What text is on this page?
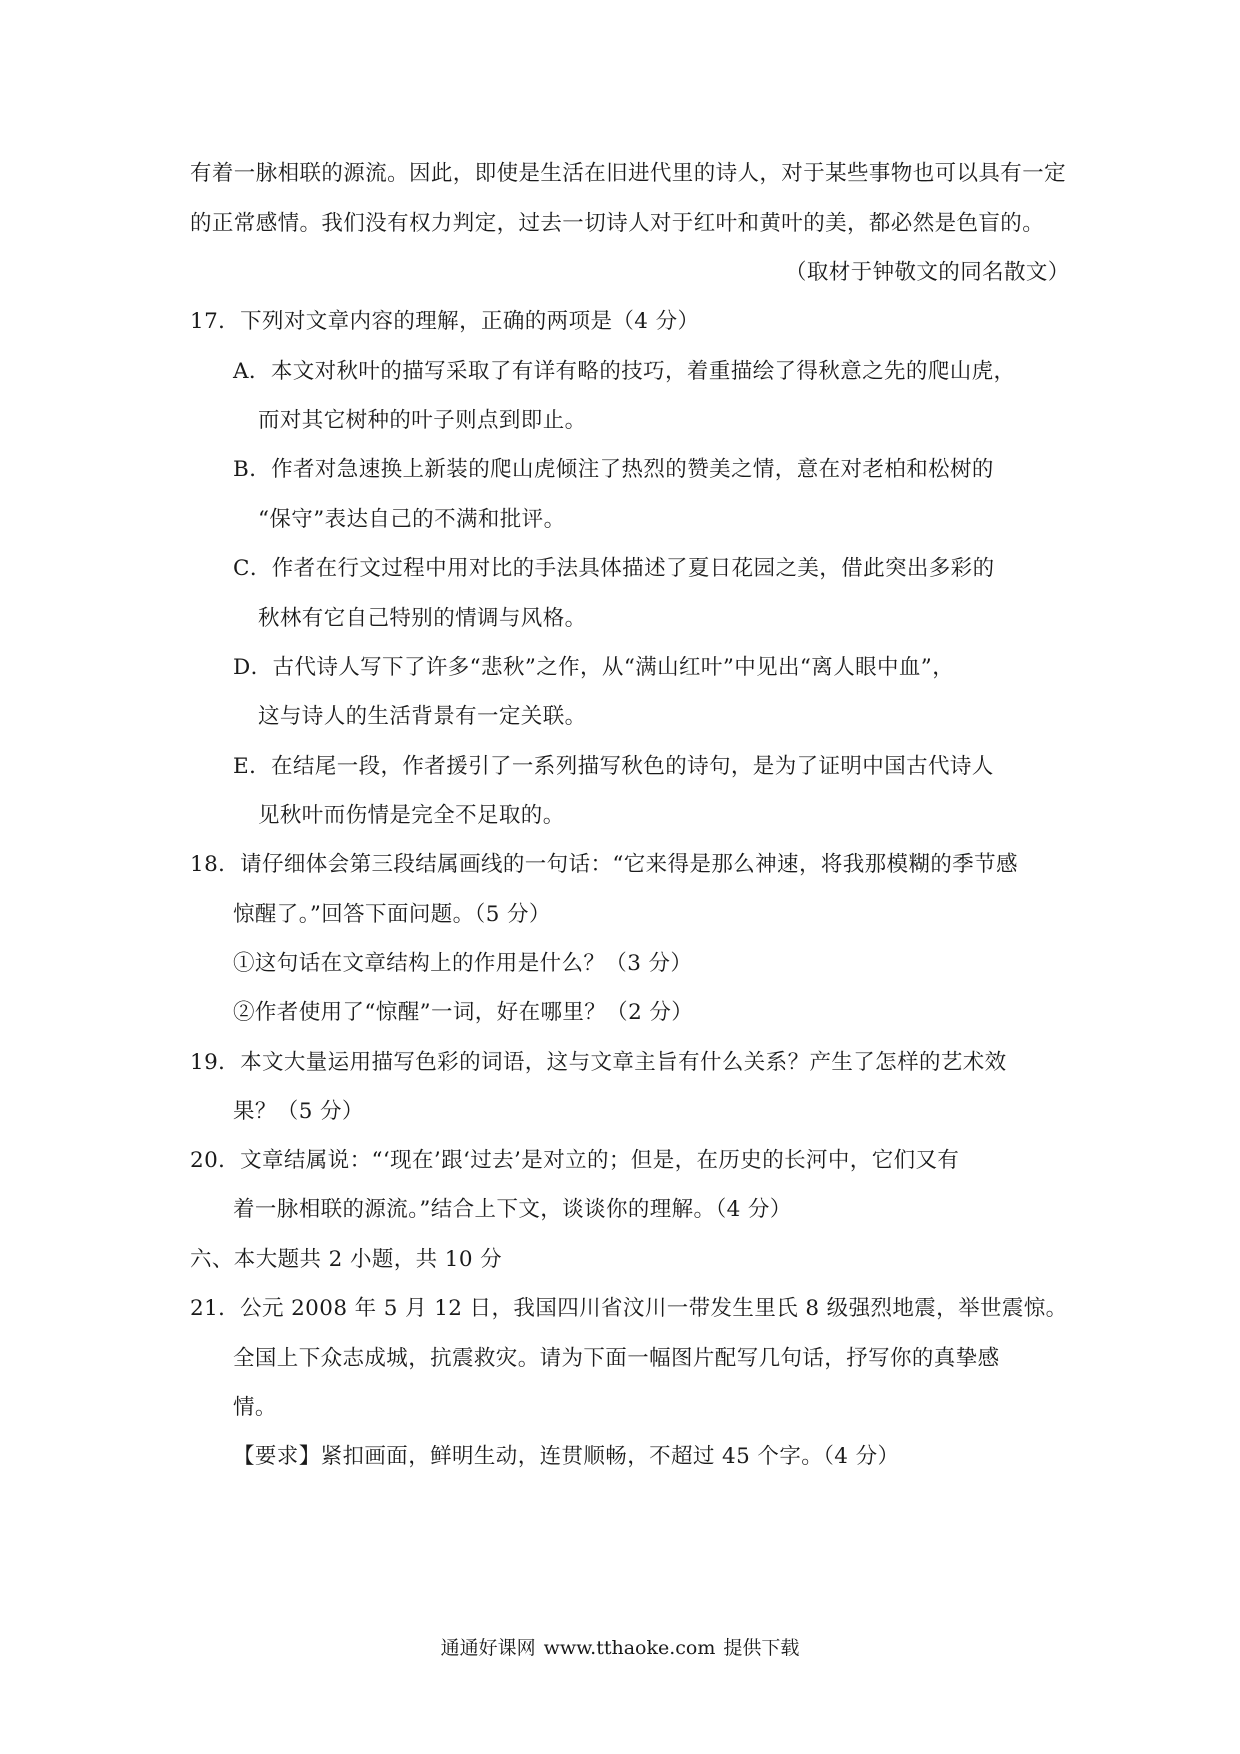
有着一脉相联的源流。因此，即使是生活在旧进代里的诗人，对于某些事物也可以具有一定
的正常感情。我们没有权力判定，过去一切诗人对于红叶和黄叶的美，都必然是色盲的。
（取材于钟敬文的同名散文）
17．下列对文章内容的理解，正确的两项是（4 分）
A．本文对秋叶的描写采取了有详有略的技巧，着重描绘了得秋意之先的爬山虎，
而对其它树种的叶子则点到即止。
B．作者对急速换上新装的爬山虎倾注了热烈的赞美之情，意在对老柏和松树的
“保守”表达自己的不满和批评。
C．作者在行文过程中用对比的手法具体描述了夏日花园之美，借此突出多彩的
秋林有它自己特别的情调与风格。
D．古代诗人写下了许多“悲秋”之作，从“满山红叶”中见出“离人眼中血”，
这与诗人的生活背景有一定关联。
E．在结尾一段，作者援引了一系列描写秋色的诗句，是为了证明中国古代诗人
见秋叶而伤情是完全不足取的。
18．请仔细体会第三段结属画线的一句话：“它来得是那么神速，将我那模糊的季节感
惊醒了。”回答下面问题。（5 分）
①这句话在文章结构上的作用是什么？（3 分）
②作者使用了“惊醒”一词，好在哪里？（2 分）
19．本文大量运用描写色彩的词语，这与文章主旨有什么关系？产生了怎样的艺术效
果？（5 分）
20．文章结属说：“‘现在’跟‘过去’是对立的；但是，在历史的长河中，它们又有
着一脉相联的源流。”结合上下文，谈谈你的理解。（4 分）
六、本大题共 2 小题，共 10 分
21．公元 2008 年 5 月 12 日，我国四川省汶川一带发生里氏 8 级强烈地震，举世震惊。
全国上下众志成城，抗震救灾。请为下面一幅图片配写几句话，抒写你的真挚感
情。
【要求】紧扣画面，鲜明生动，连贯顺畅，不超过 45 个字。（4 分）
通通好课网 www.tthaoke.com 提供下载
